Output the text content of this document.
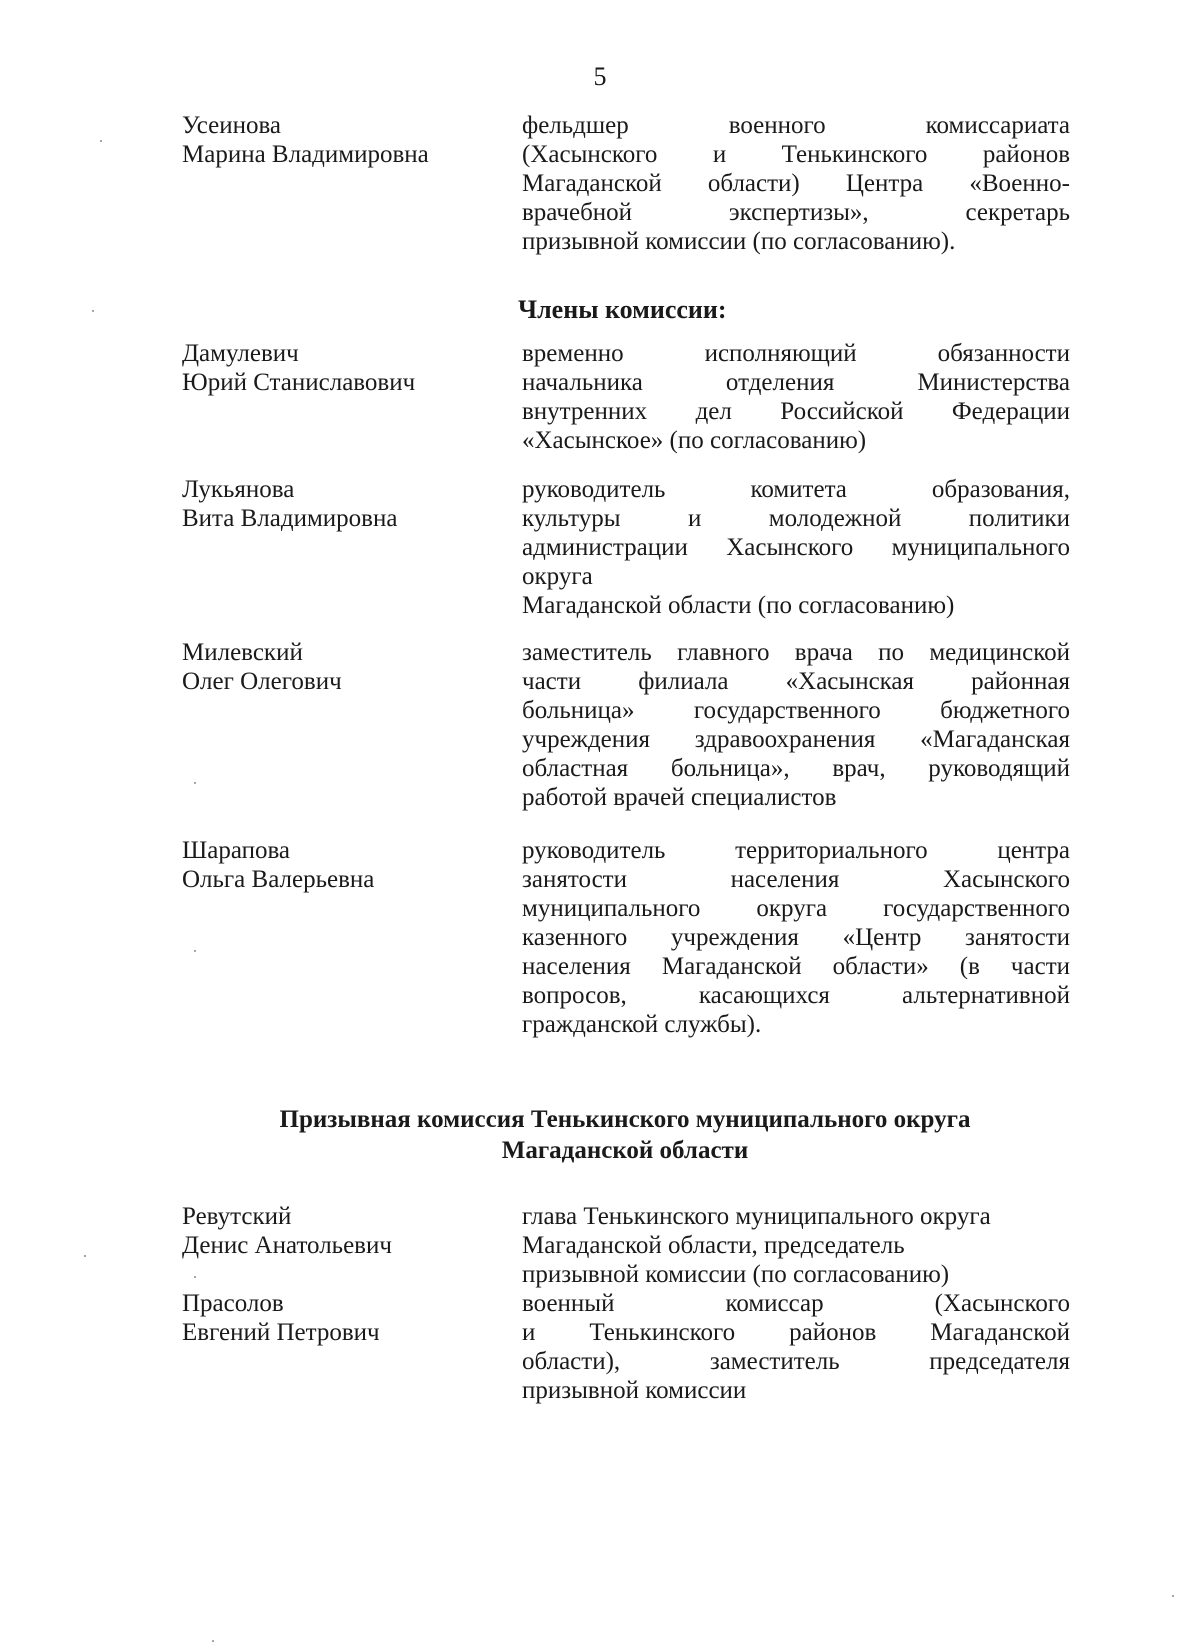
5
Усеинова
Марина Владимировна
фельдшер военного комиссариата
(Хасынского и Тенькинского районов
Магаданской области) Центра «Военно-
врачебной экспертизы», секретарь
призывной комиссии (по согласованию).
Члены комиссии:
Дамулевич
Юрий Станиславович
временно исполняющий обязанности
начальника отделения Министерства
внутренних дел Российской Федерации
«Хасынское» (по согласованию)
Лукьянова
Вита Владимировна
руководитель комитета образования,
культуры и молодежной политики
администрации Хасынского муниципального
округа
Магаданской области (по согласованию)
Милевский
Олег Олегович
заместитель главного врача по медицинской
части филиала «Хасынская районная
больница» государственного бюджетного
учреждения здравоохранения «Магаданская
областная больница», врач, руководящий
работой врачей специалистов
Шарапова
Ольга Валерьевна
руководитель территориального центра
занятости населения Хасынского
муниципального округа государственного
казенного учреждения «Центр занятости
населения Магаданской области» (в части
вопросов, касающихся альтернативной
гражданской службы).
Призывная комиссия Тенькинского муниципального округа
Магаданской области
Ревутский
Денис Анатольевич
глава Тенькинского муниципального округа
Магаданской области, председатель
призывной комиссии (по согласованию)
Прасолов
Евгений Петрович
военный комиссар (Хасынского
и Тенькинского районов Магаданской
области), заместитель председателя
призывной комиссии
